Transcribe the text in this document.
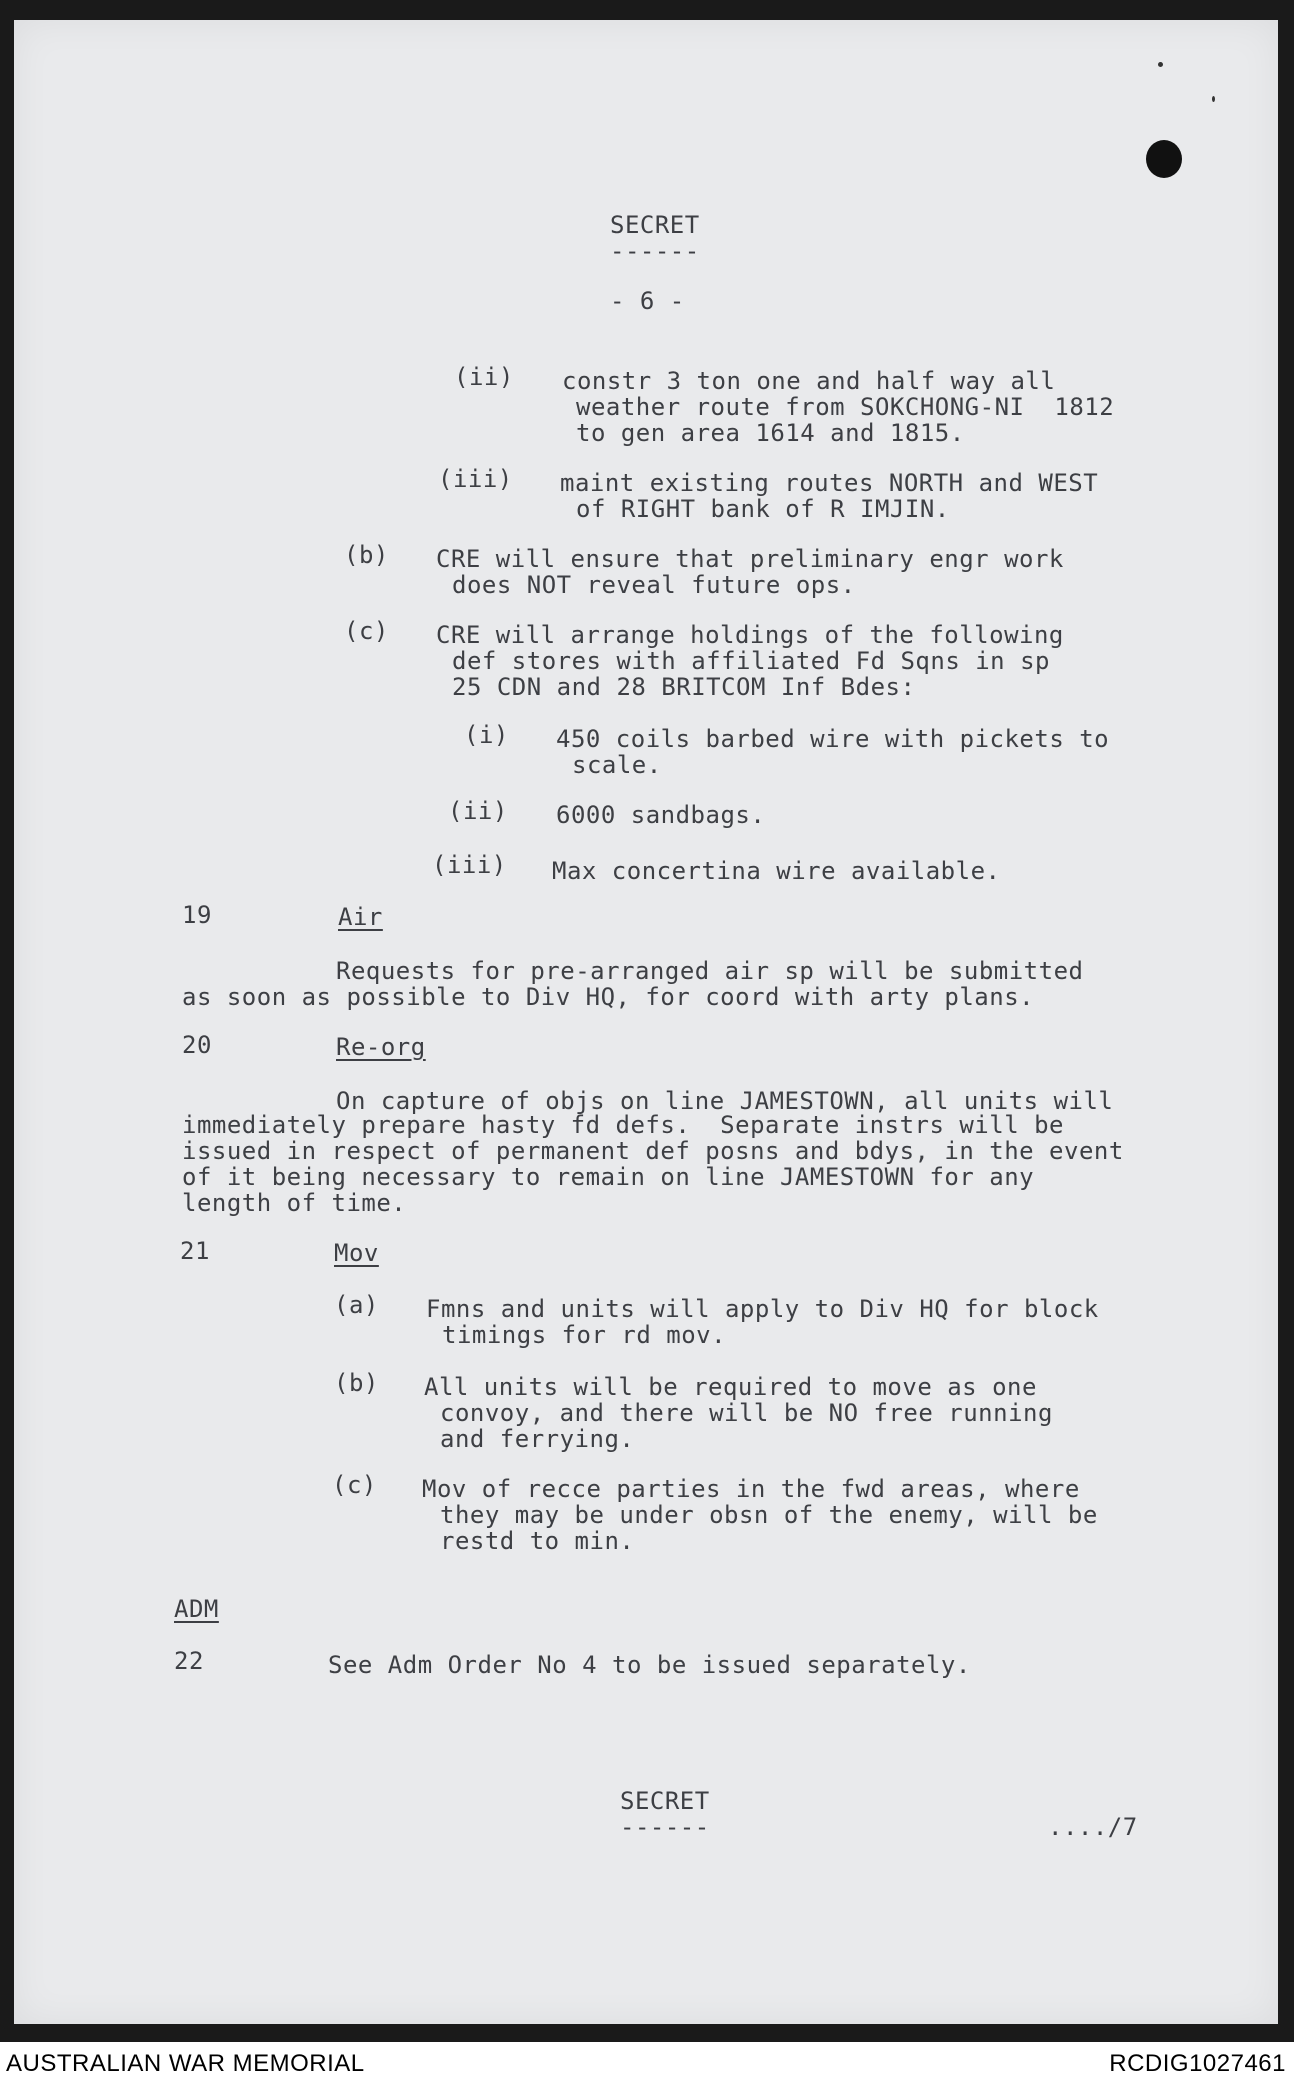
SECRET
------
- 6 -
(ii) constr 3 ton one and half way all
weather route from SOKCHONG-NI  1812
to gen area 1614 and 1815.
(iii) maint existing routes NORTH and WEST
of RIGHT bank of R IMJIN.
(b) CRE will ensure that preliminary engr work
does NOT reveal future ops.
(c) CRE will arrange holdings of the following
def stores with affiliated Fd Sqns in sp
25 CDN and 28 BRITCOM Inf Bdes:
(i) 450 coils barbed wire with pickets to
scale.
(ii) 6000 sandbags.
(iii) Max concertina wire available.
19	Air
Requests for pre-arranged air sp will be submitted
as soon as possible to Div HQ, for coord with arty plans.
20	Re-org
On capture of objs on line JAMESTOWN, all units will
immediately prepare hasty fd defs.  Separate instrs will be
issued in respect of permanent def posns and bdys, in the event
of it being necessary to remain on line JAMESTOWN for any
length of time.
21	Mov
(a) Fmns and units will apply to Div HQ for block
timings for rd mov.
(b) All units will be required to move as one
convoy, and there will be NO free running
and ferrying.
(c) Mov of recce parties in the fwd areas, where
they may be under obsn of the enemy, will be
restd to min.
ADM
22	See Adm Order No 4 to be issued separately.
SECRET
------	..../7
AUSTRALIAN WAR MEMORIAL	RCDIG1027461
